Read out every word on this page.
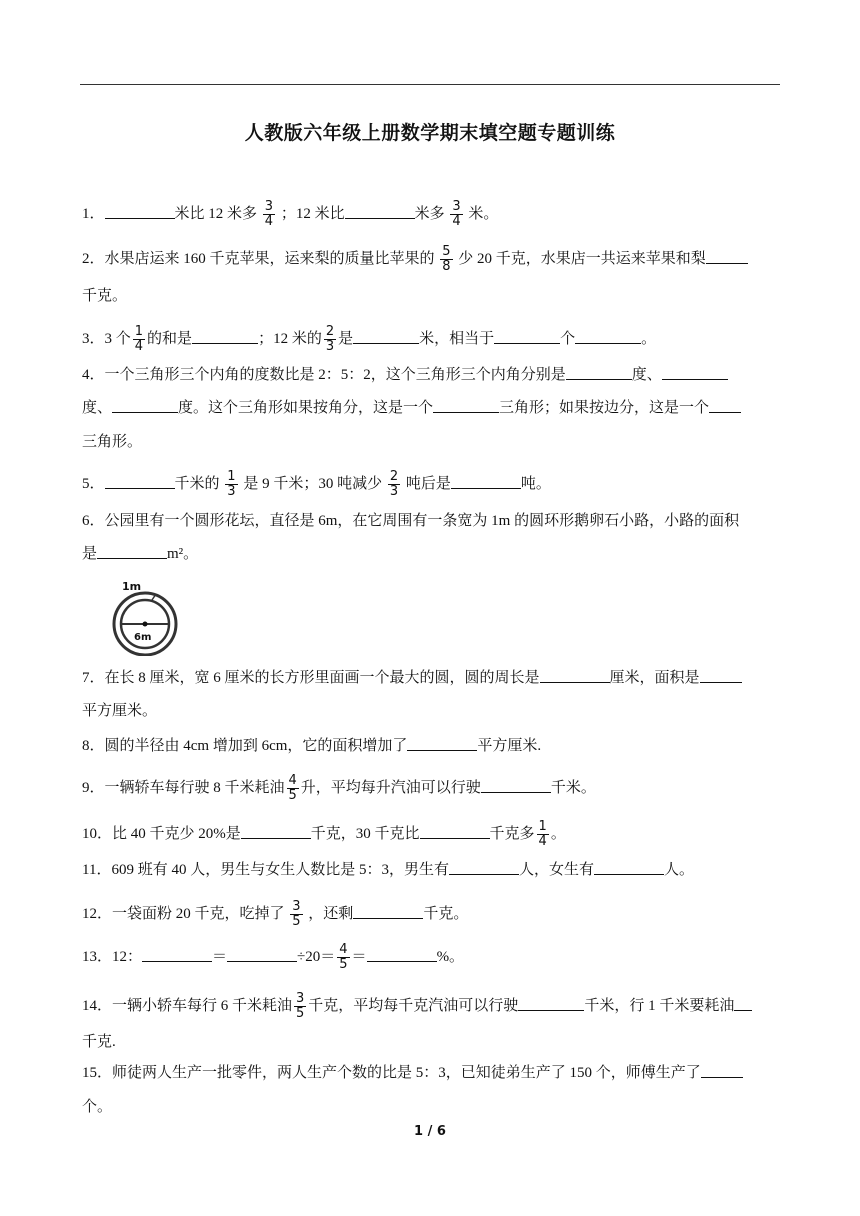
人教版六年级上册数学期末填空题专题训练
1．	米比 12 米多 $\frac{3}{4}$ ；12 米比	米多 $\frac{3}{4}$ 米。
2．水果店运来 160 千克苹果，运来梨的质量比苹果的 $\frac{5}{8}$ 少 20 千克，水果店一共运来苹果和梨
千克。
3．3 个 $\frac{1}{4}$ 的和是	；12 米的 $\frac{2}{3}$ 是	米，相当于	个	。
4．一个三角形三个内角的度数比是 2：5：2，这个三角形三个内角分别是	度、
度、	度。这个三角形如果按角分，这是一个	三角形；如果按边分，这是一个
三角形。
5．	千米的 $\frac{1}{3}$ 是 9 千米；30 吨减少 $\frac{2}{3}$ 吨后是	吨。
6．公园里有一个圆形花坛，直径是 6m，在它周围有一条宽为 1m 的圆环形鹅卵石小路，小路的面积
是	m²。
1m
6m
7．在长 8 厘米，宽 6 厘米的长方形里面画一个最大的圆，圆的周长是	厘米，面积是
平方厘米。
8．圆的半径由 4cm 增加到 6cm，它的面积增加了	平方厘米.
9．一辆轿车每行驶 8 千米耗油 $\frac{4}{5}$ 升，平均每升汽油可以行驶	千米。
10．比 40 千克少 20%是	千克，30 千克比	千克多 $\frac{1}{4}$ 。
11．609 班有 40 人，男生与女生人数比是 5：3，男生有	人，女生有	人。
12．一袋面粉 20 千克，吃掉了 $\frac{3}{5}$ ，还剩	千克。
13．12：	＝	$\div 20= \frac{4}{5}$ ＝	%。
14．一辆小轿车每行 6 千米耗油 $\frac{3}{5}$ 千克，平均每千克汽油可以行驶	千米，行 1 千米要耗油
千克.
15．师徒两人生产一批零件，两人生产个数的比是 5：3，已知徒弟生产了 150 个，师傅生产了
个。
1 / 6
